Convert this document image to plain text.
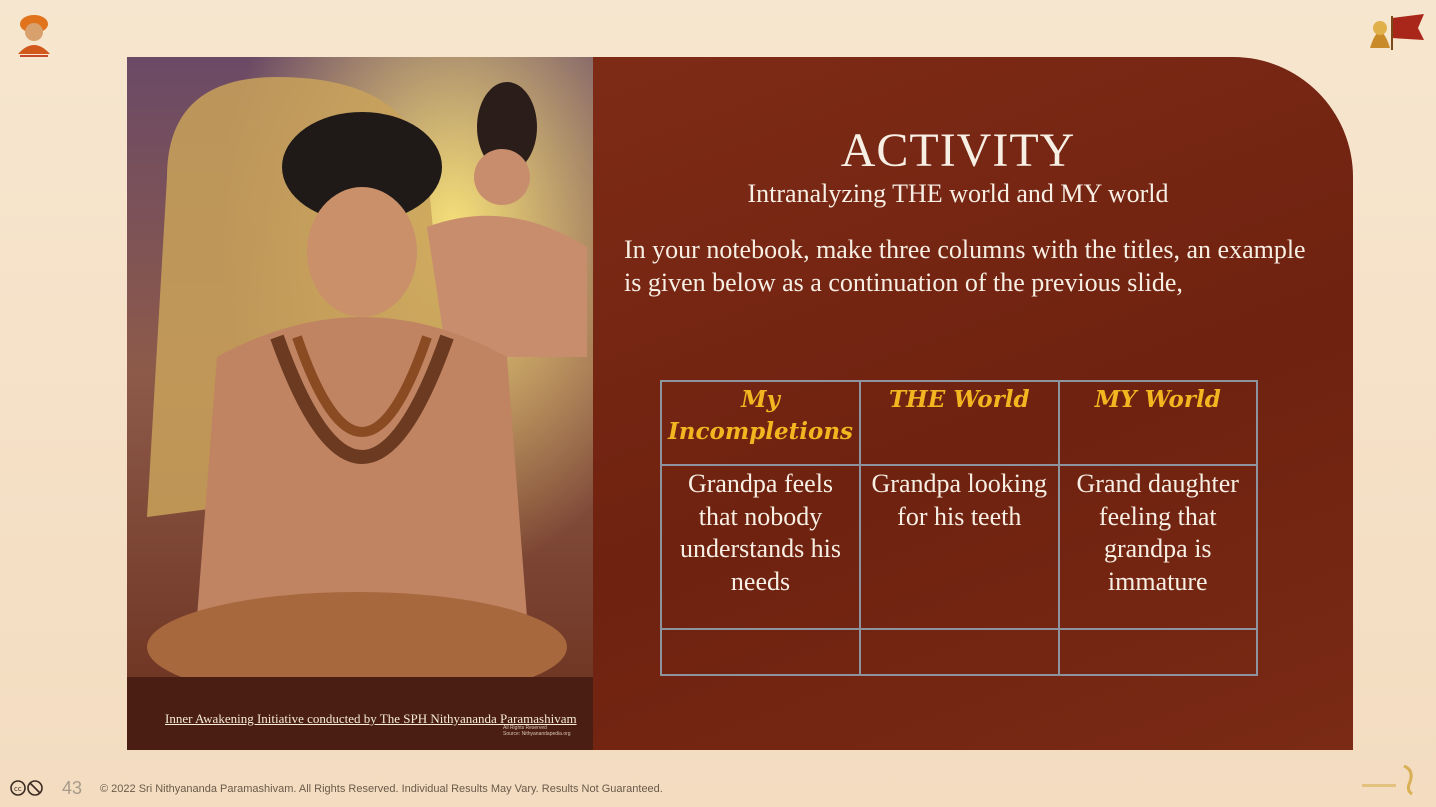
Inner Awakening Initiative conducted by The SPH Nithyananda Paramashivam
All Rights Reserved
Source: Nithyanandapedia.org
ACTIVITY
Intranalyzing THE world and MY world
In your notebook, make three columns with the titles, an example is given below as a continuation of the previous slide,
My Incompletions	THE World	MY World
Grandpa feels that nobody understands his needs	Grandpa looking for his teeth	Grand daughter feeling that grandpa is immature

cc 43 © 2022 Sri Nithyananda Paramashivam. All Rights Reserved. Individual Results May Vary. Results Not Guaranteed.
